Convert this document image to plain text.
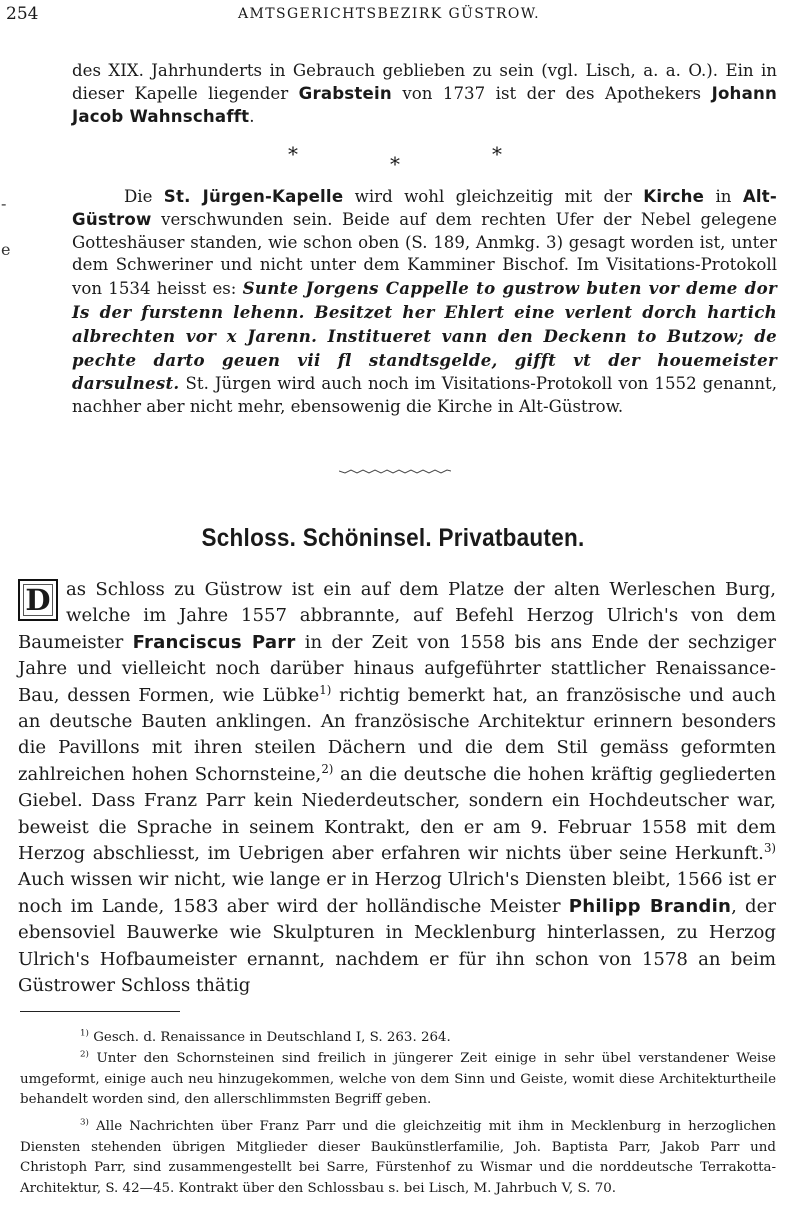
254	AMTSGERICHTSBEZIRK GÜSTROW.
-
e

des XIX. Jahrhunderts in Gebrauch geblieben zu sein (vgl. Lisch, a. a. O.). Ein in dieser Kapelle liegender Grabstein von 1737 ist der des Apothekers Johann Jacob Wahnschafft.

*	*	*

Die St. Jürgen-Kapelle wird wohl gleichzeitig mit der Kirche in Alt-Güstrow verschwunden sein. Beide auf dem rechten Ufer der Nebel gelegene Gotteshäuser standen, wie schon oben (S. 189, Anmkg. 3) gesagt worden ist, unter dem Schweriner und nicht unter dem Kamminer Bischof. Im Visitations-Protokoll von 1534 heisst es: Sunte Jorgens Cappelle to gustrow buten vor deme dor Is der furstenn lehenn. Besitzet her Ehlert eine verlent dorch hartich albrechten vor x Jarenn. Institueret vann den Deckenn to Butzow; de pechte darto geuen vii fl standtsgelde, gifft vt der houemeister darsulnest. St. Jürgen wird auch noch im Visitations-Protokoll von 1552 genannt, nachher aber nicht mehr, ebensowenig die Kirche in Alt-Güstrow.

Schloss. Schöninsel. Privatbauten.

D as Schloss zu Güstrow ist ein auf dem Platze der alten Werleschen Burg, welche im Jahre 1557 abbrannte, auf Befehl Herzog Ulrich's von dem Baumeister Franciscus Parr in der Zeit von 1558 bis ans Ende der sechziger Jahre und vielleicht noch darüber hinaus aufgeführter stattlicher Renaissance-Bau, dessen Formen, wie Lübke$^{1)}$ richtig bemerkt hat, an französische und auch an deutsche Bauten anklingen. An französische Architektur erinnern besonders die Pavillons mit ihren steilen Dächern und die dem Stil gemäss geformten zahlreichen hohen Schornsteine,$^{2)}$ an die deutsche die hohen kräftig gegliederten Giebel. Dass Franz Parr kein Niederdeutscher, sondern ein Hochdeutscher war, beweist die Sprache in seinem Kontrakt, den er am 9. Februar 1558 mit dem Herzog abschliesst, im Uebrigen aber erfahren wir nichts über seine Herkunft.$^{3)}$ Auch wissen wir nicht, wie lange er in Herzog Ulrich's Diensten bleibt, 1566 ist er noch im Lande, 1583 aber wird der holländische Meister Philipp Brandin, der ebensoviel Bauwerke wie Skulpturen in Mecklenburg hinterlassen, zu Herzog Ulrich's Hofbaumeister ernannt, nachdem er für ihn schon von 1578 an beim Güstrower Schloss thätig

$^{1)}$ Gesch. d. Renaissance in Deutschland I, S. 263. 264.

$^{2)}$ Unter den Schornsteinen sind freilich in jüngerer Zeit einige in sehr übel verstandener Weise umgeformt, einige auch neu hinzugekommen, welche von dem Sinn und Geiste, womit diese Architekturtheile behandelt worden sind, den allerschlimmsten Begriff geben.

$^{3)}$ Alle Nachrichten über Franz Parr und die gleichzeitig mit ihm in Mecklenburg in herzoglichen Diensten stehenden übrigen Mitglieder dieser Baukünstlerfamilie, Joh. Baptista Parr, Jakob Parr und Christoph Parr, sind zusammengestellt bei Sarre, Fürstenhof zu Wismar und die norddeutsche Terrakotta-Architektur, S. 42—45. Kontrakt über den Schlossbau s. bei Lisch, M. Jahrbuch V, S. 70.
